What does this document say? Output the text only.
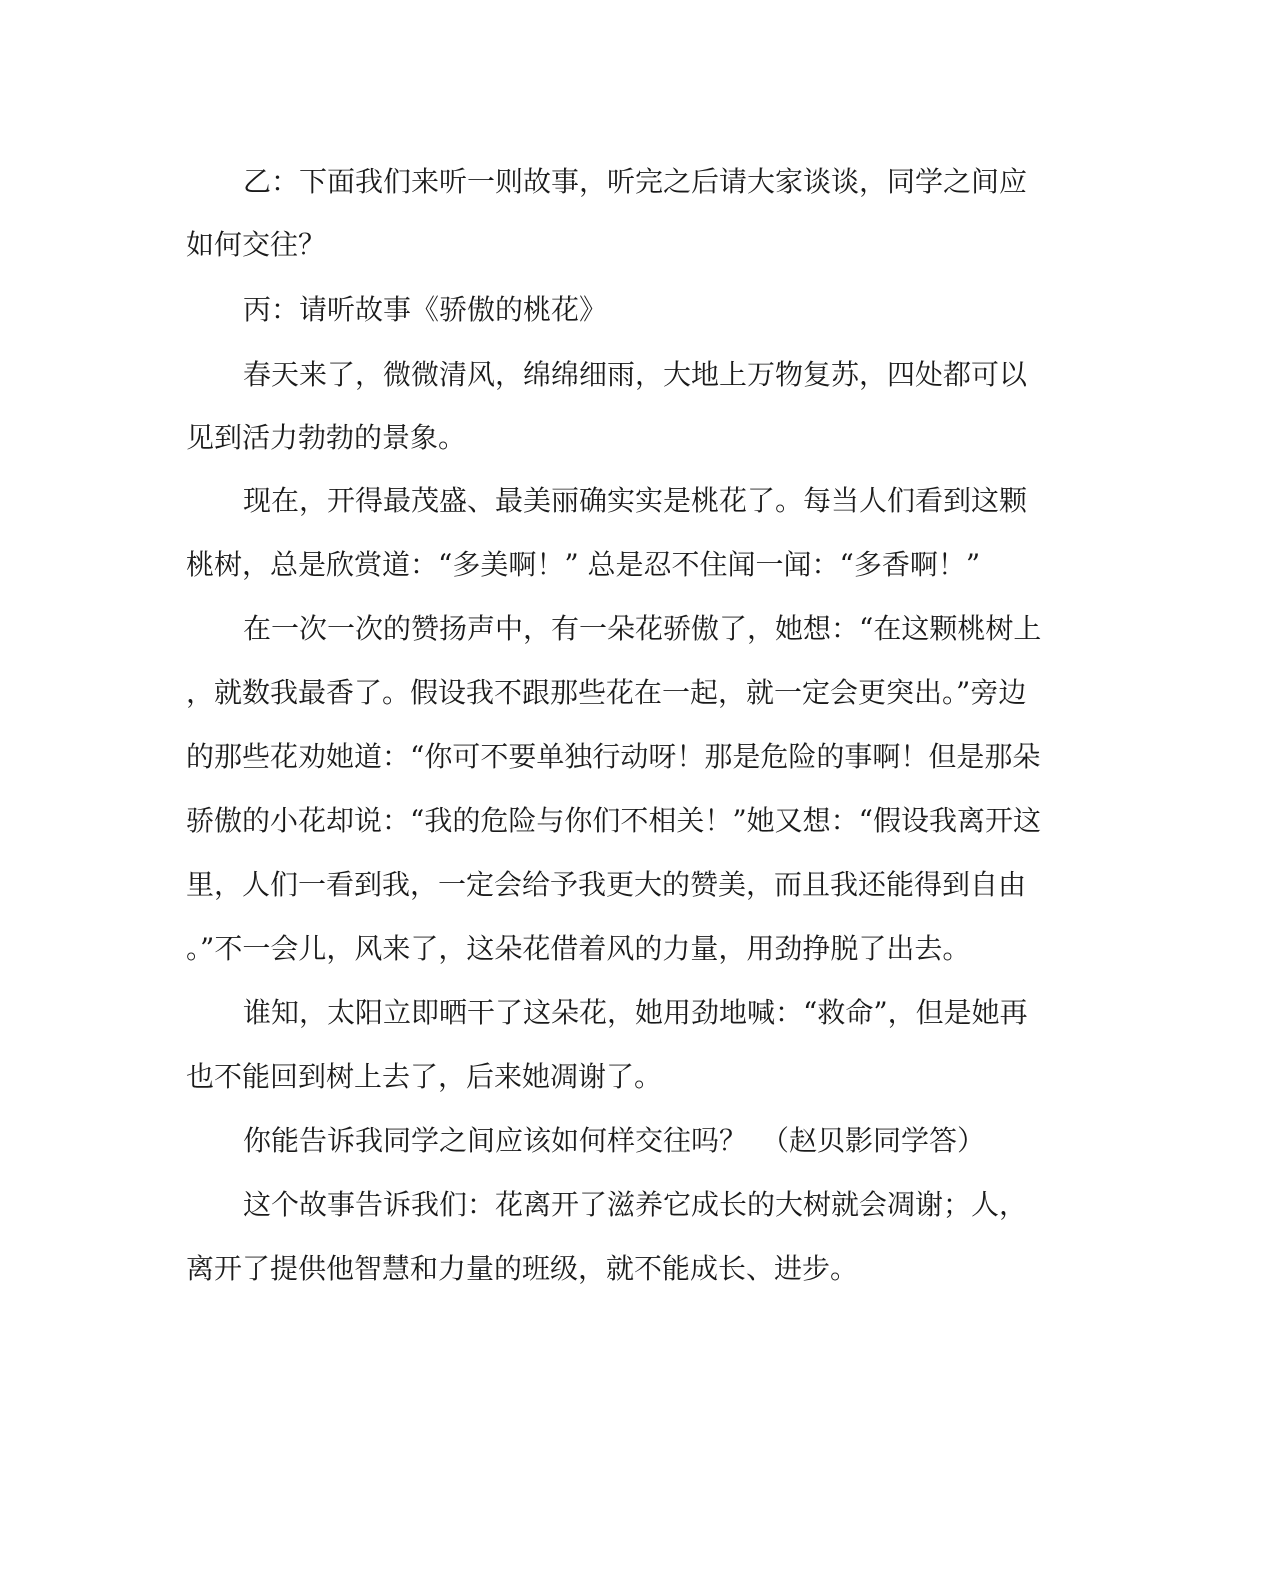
乙：下面我们来听一则故事，听完之后请大家谈谈，同学之间应

如何交往？

丙：请听故事《骄傲的桃花》

春天来了，微微清风，绵绵细雨，大地上万物复苏，四处都可以

见到活力勃勃的景象。

现在，开得最茂盛、最美丽确实实是桃花了。每当人们看到这颗

桃树，总是欣赏道：“多美啊！” 总是忍不住闻一闻：“多香啊！”

在一次一次的赞扬声中，有一朵花骄傲了，她想：“在这颗桃树上

，就数我最香了。假设我不跟那些花在一起，就一定会更突出。”旁边

的那些花劝她道：“你可不要单独行动呀！那是危险的事啊！但是那朵

骄傲的小花却说：“我的危险与你们不相关！”她又想：“假设我离开这

里，人们一看到我，一定会给予我更大的赞美，而且我还能得到自由

。”不一会儿，风来了，这朵花借着风的力量，用劲挣脱了出去。

谁知，太阳立即晒干了这朵花，她用劲地喊：“救命”，但是她再

也不能回到树上去了，后来她凋谢了。

你能告诉我同学之间应该如何样交往吗？　（赵贝影同学答）

这个故事告诉我们：花离开了滋养它成长的大树就会凋谢；人，

离开了提供他智慧和力量的班级，就不能成长、进步。
